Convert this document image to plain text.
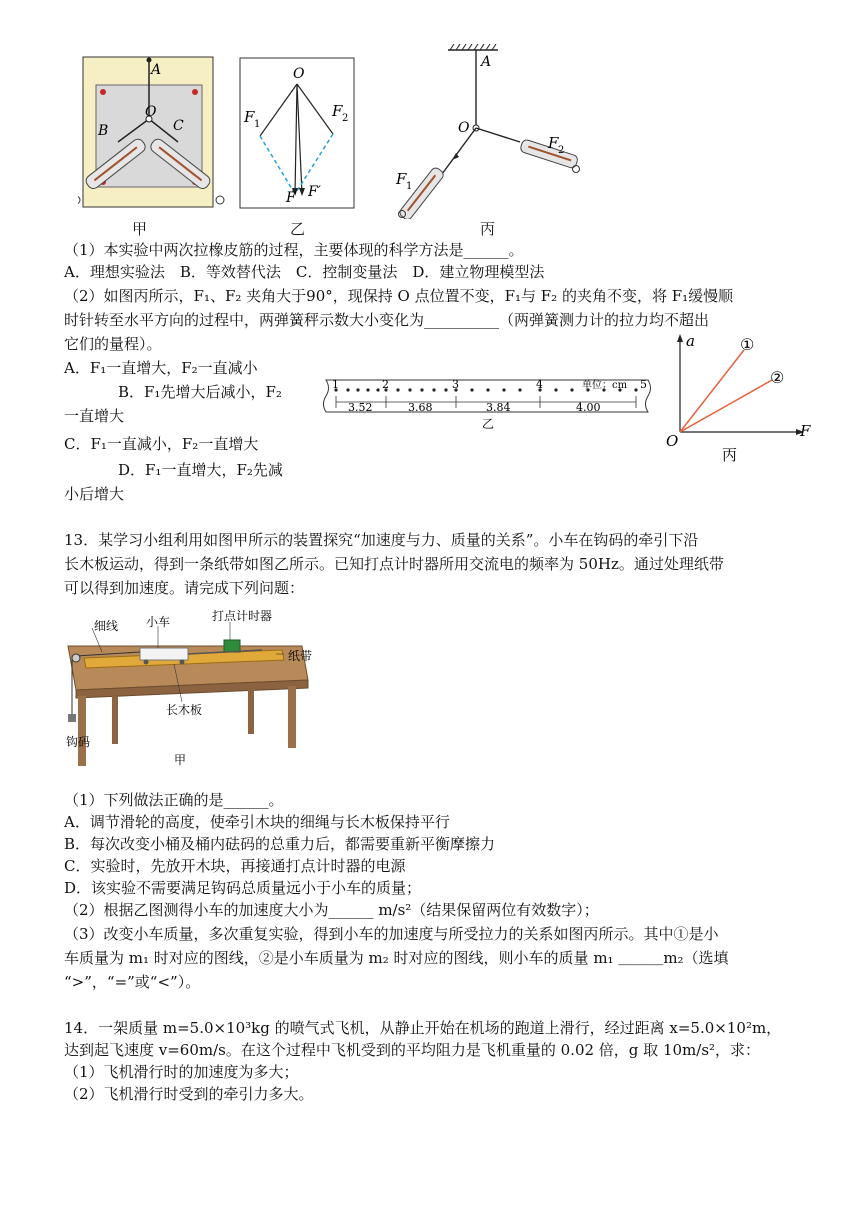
A
O
B	C
甲
O
F 1
F 2
F F′
乙
A
O
F 1
F 2
丙
（1）本实验中两次拉橡皮筋的过程，主要体现的科学方法是______。
A．理想实验法　B．等效替代法　C．控制变量法　D．建立物理模型法
（2）如图丙所示，F₁、F₂ 夹角大于90°，现保持 O 点位置不变，F₁与 F₂ 的夹角不变，将 F₁缓慢顺
时针转至水平方向的过程中，两弹簧秤示数大小变化为__________（两弹簧测力计的拉力均不超出
它们的量程）。
A．F₁一直增大，F₂一直减小
B．F₁先增大后减小，F₂
一直增大
C．F₁一直减小，F₂一直增大
D．F₁一直增大，F₂先减
小后增大
1	2	3	4	5
单位：cm
3.52	3.68	3.84	4.00
乙
a
F
O
①
②
丙
13．某学习小组利用如图甲所示的装置探究“加速度与力、质量的关系”。小车在钩码的牵引下沿
长木板运动，得到一条纸带如图乙所示。已知打点计时器所用交流电的频率为 50Hz。通过处理纸带
可以得到加速度。请完成下列问题：
细线 小车	打点计时器
纸带
长木板
钩码
甲
（1）下列做法正确的是______。
A．调节滑轮的高度，使牵引木块的细绳与长木板保持平行
B．每次改变小桶及桶内砝码的总重力后，都需要重新平衡摩擦力
C．实验时，先放开木块，再接通打点计时器的电源
D．该实验不需要满足钩码总质量远小于小车的质量；
（2）根据乙图测得小车的加速度大小为______ m/s²（结果保留两位有效数字）；
（3）改变小车质量，多次重复实验，得到小车的加速度与所受拉力的关系如图丙所示。其中①是小
车质量为 m₁ 时对应的图线，②是小车质量为 m₂ 时对应的图线，则小车的质量 m₁ ＿＿＿m₂（选填
“>”，“=”或“<”）。
14．一架质量 m=5.0×10³kg 的喷气式飞机，从静止开始在机场的跑道上滑行，经过距离 x=5.0×10²m，
达到起飞速度 v=60m/s。在这个过程中飞机受到的平均阻力是飞机重量的 0.02 倍，g 取 10m/s²，求：
（1）飞机滑行时的加速度为多大；
（2）飞机滑行时受到的牵引力多大。
